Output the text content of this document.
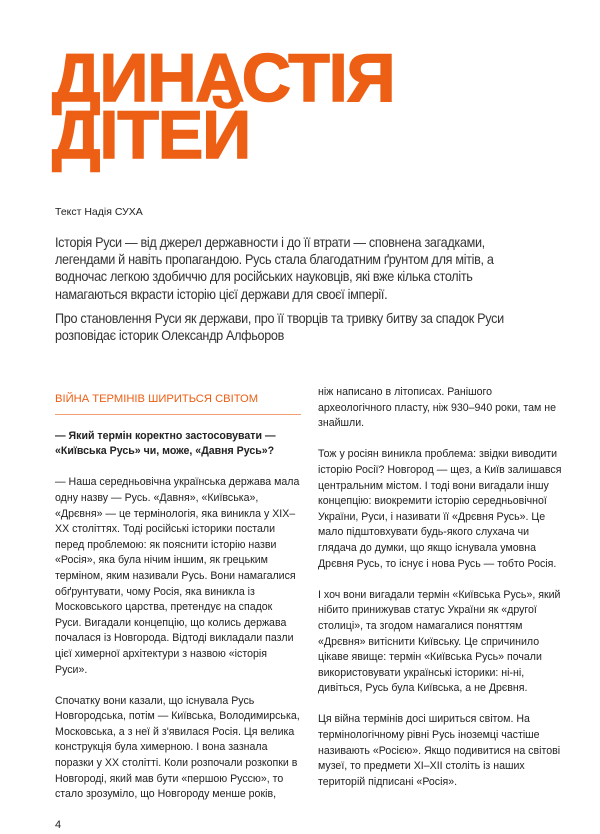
ДИНАСТІЯ
ДІТЕЙ
Текст Надія СУХА

Історія Руси — від джерел державности і до її втрати — сповнена загадками, легендами й навіть пропагандою. Русь стала благодатним ґрунтом для мітів, а водночас легкою здобиччю для російських науковців, які вже кілька століть намагаються вкрасти історію цієї держави для своєї імперії.

Про становлення Руси як держави, про її творців та тривку битву за спадок Руси розповідає історик Олександр Алфьоров

ВІЙНА ТЕРМІНІВ ШИРИТЬСЯ СВІТОМ

— Який термін коректно застосовувати — «Київська Русь» чи, може, «Давня Русь»?

— Наша середньовічна українська держава мала одну назву — Русь. «Давня», «Київська», «Дрєвня» — це термінологія, яка виникла у XIX–XX століттях. Тоді російські історики постали перед проблемою: як пояснити історію назви «Росія», яка була нічим іншим, як грецьким терміном, яким називали Русь. Вони намагалися обґрунтувати, чому Росія, яка виникла із Московського царства, претендує на спадок Руси. Вигадали концепцію, що колись держава почалася із Новгорода. Відтоді викладали пазли цієї химерної архітектури з назвою «історія Руси».

Спочатку вони казали, що існувала Русь Новгородська, потім — Київська, Володимирська, Московська, а з неї й з'явилася Росія. Ця велика конструкція була химерною. І вона зазнала поразки у XX столітті. Коли розпочали розкопки в Новгороді, який мав бути «першою Руссю», то стало зрозуміло, що Новгороду менше років,

4

ніж написано в літописах. Ранішого археологічного пласту, ніж 930–940 роки, там не знайшли.

Тож у росіян виникла проблема: звідки виводити історію Росії? Новгород — щез, а Київ залишався центральним містом. І тоді вони вигадали іншу концепцію: виокремити історію середньовічної України, Руси, і називати її «Дрєвня Русь». Це мало підштовхувати будь-якого слухача чи глядача до думки, що якщо існувала умовна Дрєвня Русь, то існує і нова Русь — тобто Росія.

І хоч вони вигадали термін «Київська Русь», який нібито принижував статус України як «другої столиці», та згодом намагалися поняттям «Дрєвня» витіснити Київську. Це спричинило цікаве явище: термін «Київська Русь» почали використовувати українські історики: ні-ні, дивіться, Русь була Київська, а не Дрєвня.

Ця війна термінів досі шириться світом. На термінологічному рівні Русь іноземці частіше називають «Росією». Якщо подивитися на світові музеї, то предмети XI–XII століть із наших територій підписані «Росія».
